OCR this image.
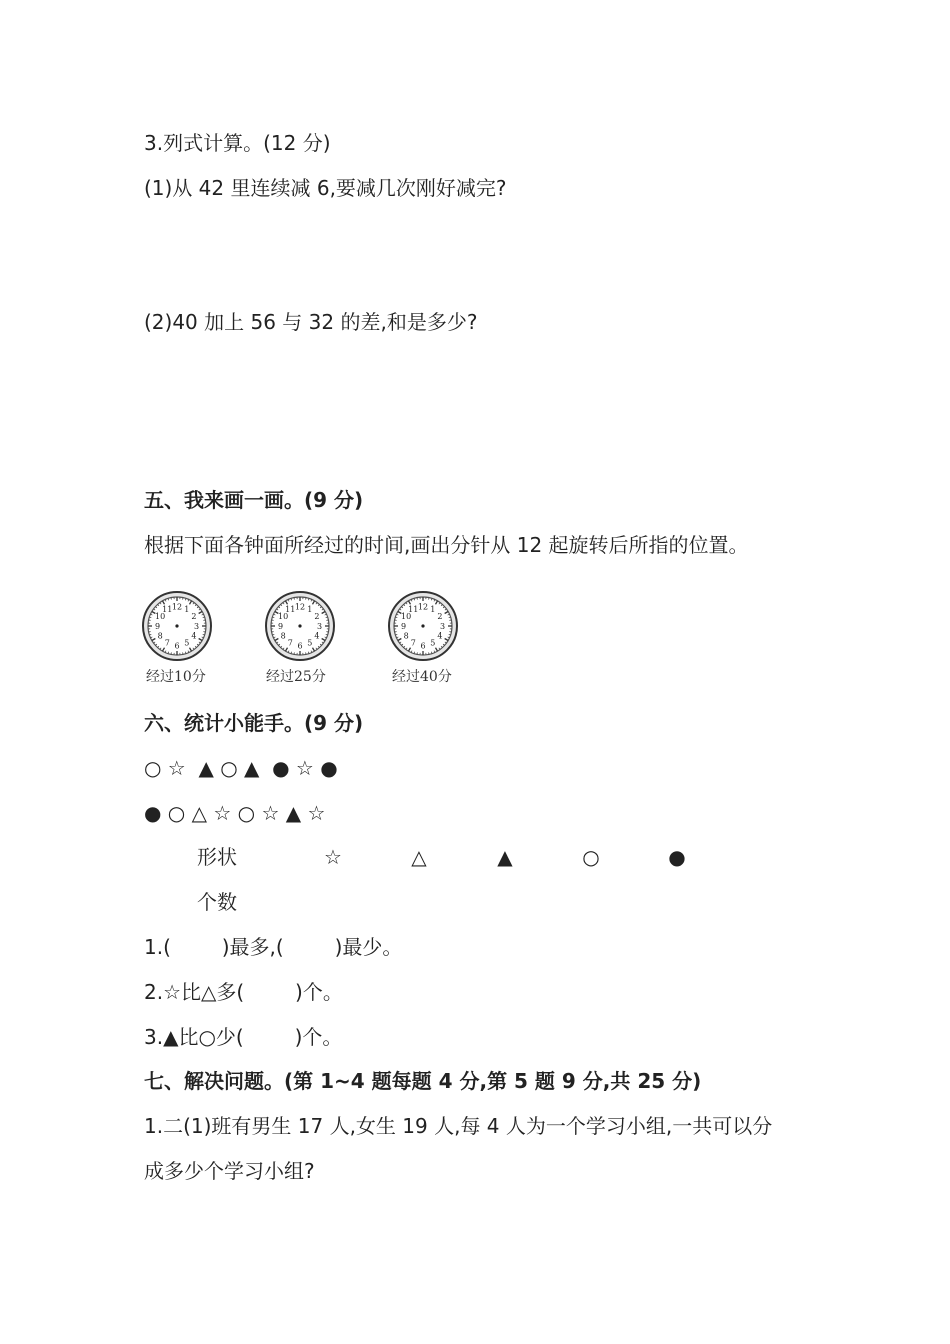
3.列式计算。(12 分)
(1)从 42 里连续减 6,要减几次刚好减完?
(2)40 加上 56 与 32 的差,和是多少?
五、我来画一画。(9 分)
根据下面各钟面所经过的时间,画出分针从 12 起旋转后所指的位置。
1
2
3
4
5
6
7
8
9
10
11 12
经过10分
1
2
3
4
5
6
7
8
9
10
11 12
经过25分
1
2
3
4
5
6
7
8
9
10
11 12
经过40分
六、统计小能手。(9 分)
○ ☆  ▲ ○ ▲  ● ☆ ●
● ○ △ ☆ ○ ☆ ▲ ☆
形状	☆	△	▲	○	●
个数
1.(        )最多,(        )最少。
2.☆比△多(        )个。
3.▲比○少(        )个。
七、解决问题。(第 1~4 题每题 4 分,第 5 题 9 分,共 25 分)
1.二(1)班有男生 17 人,女生 19 人,每 4 人为一个学习小组,一共可以分
成多少个学习小组?
